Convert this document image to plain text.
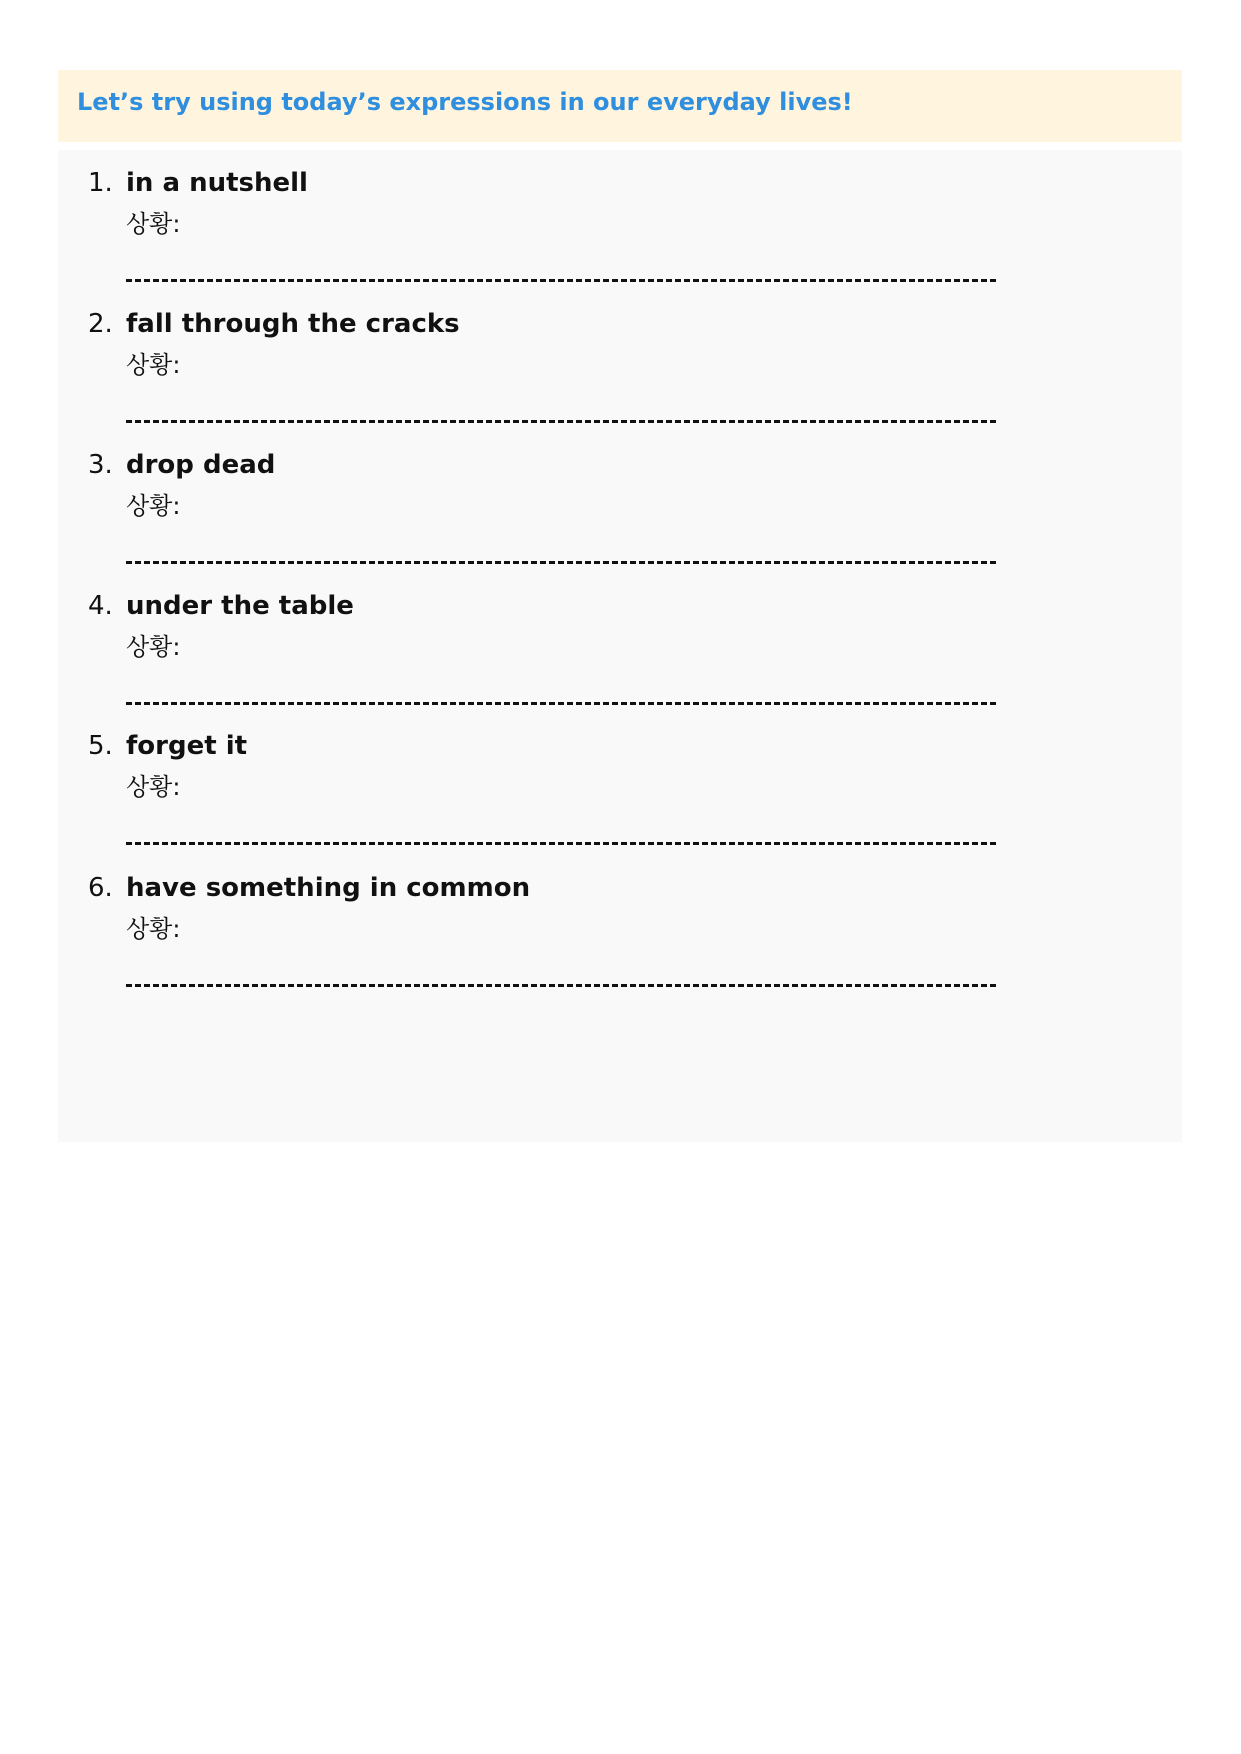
Let’s try using today’s expressions in our everyday lives!
1. in a nutshell
상황:
2. fall through the cracks
상황:
3. drop dead
상황:
4. under the table
상황:
5. forget it
상황:
6. have something in common
상황:
